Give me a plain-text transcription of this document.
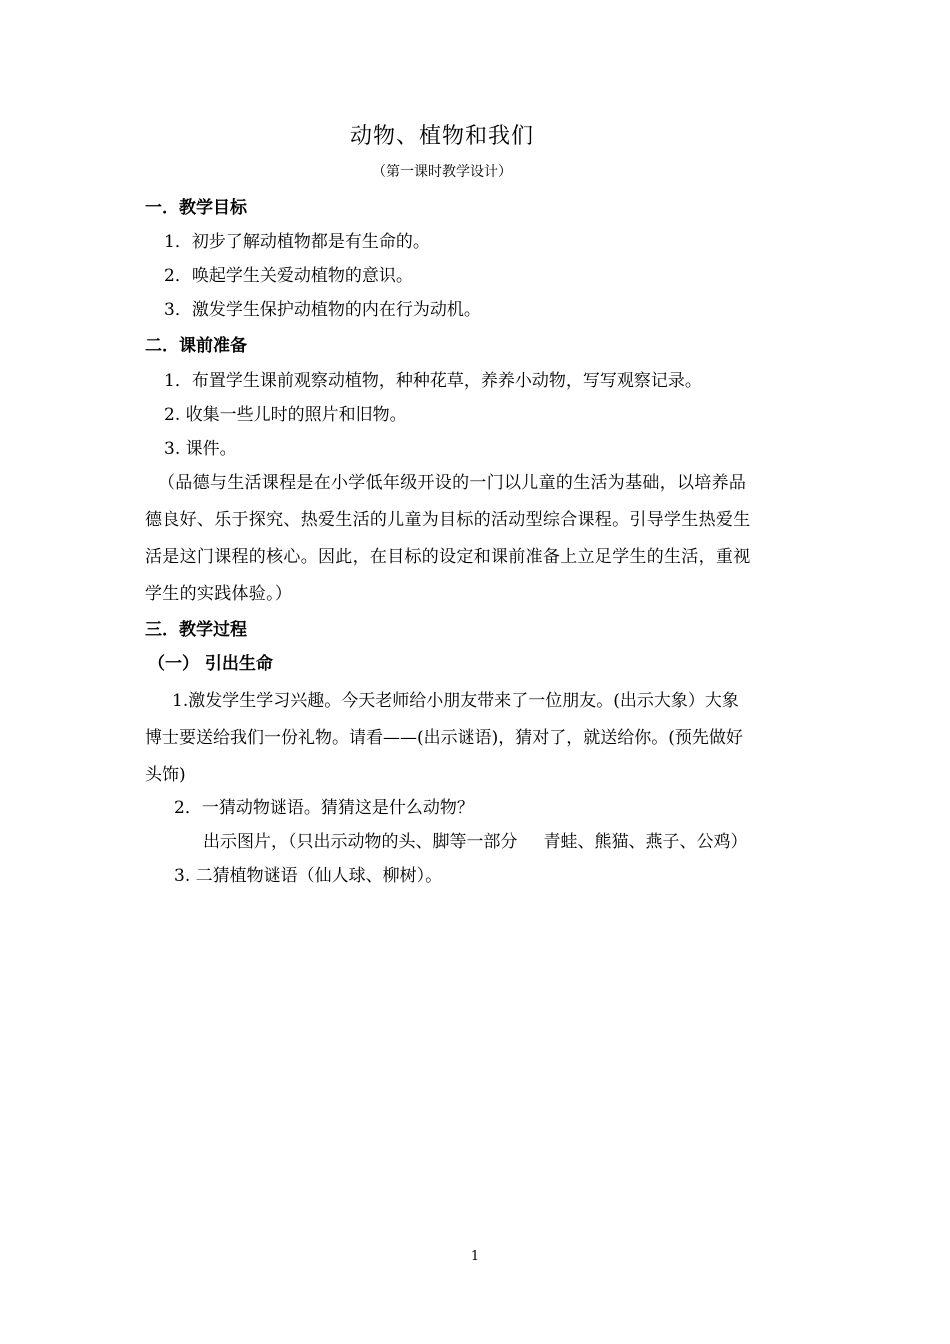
动物、植物和我们
（第一课时教学设计）
一．教学目标
1．初步了解动植物都是有生命的。
2．唤起学生关爱动植物的意识。
3．激发学生保护动植物的内在行为动机。
二．课前准备
1．布置学生课前观察动植物，种种花草，养养小动物，写写观察记录。
2. 收集一些儿时的照片和旧物。
3. 课件。
（品德与生活课程是在小学低年级开设的一门以儿童的生活为基础，以培养品
德良好、乐于探究、热爱生活的儿童为目标的活动型综合课程。引导学生热爱生
活是这门课程的核心。因此，在目标的设定和课前准备上立足学生的生活，重视
学生的实践体验。）
三．教学过程
（一） 引出生命
1.激发学生学习兴趣。今天老师给小朋友带来了一位朋友。(出示大象）大象
博士要送给我们一份礼物。请看——(出示谜语)，猜对了，就送给你。(预先做好
头饰)
2．一猜动物谜语。猜猜这是什么动物？
出示图片，（只出示动物的头、脚等一部分 青蛙、熊猫、燕子、公鸡）
3. 二猜植物谜语（仙人球、柳树）。
1
